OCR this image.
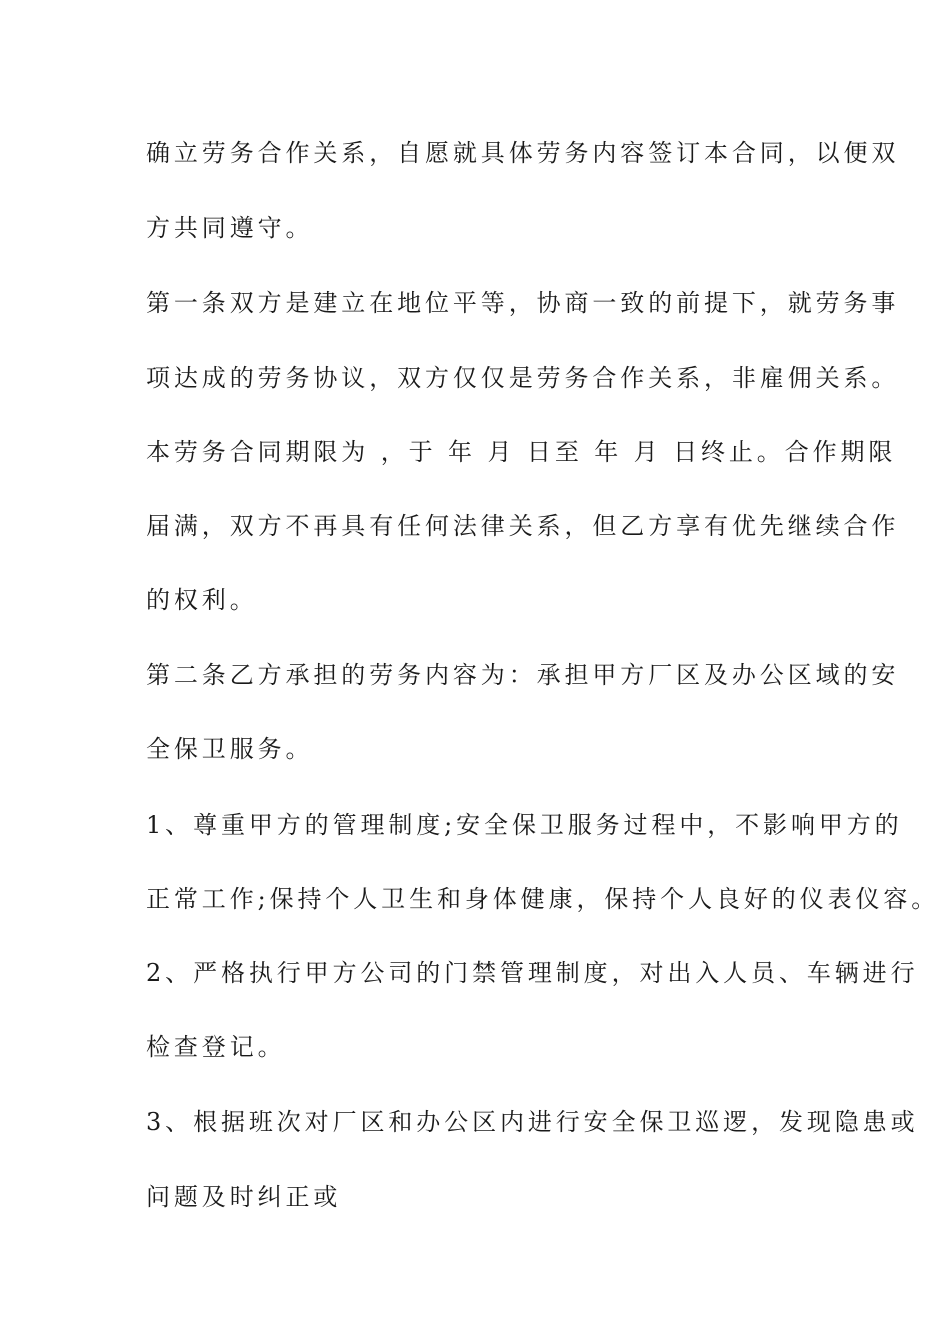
确立劳务合作关系，自愿就具体劳务内容签订本合同，以便双
方共同遵守。
第一条双方是建立在地位平等，协商一致的前提下，就劳务事
项达成的劳务协议，双方仅仅是劳务合作关系，非雇佣关系。
本劳务合同期限为 ，于 年 月 日至 年 月 日终止。合作期限
届满，双方不再具有任何法律关系，但乙方享有优先继续合作
的权利。
第二条乙方承担的劳务内容为：承担甲方厂区及办公区域的安
全保卫服务。
1、尊重甲方的管理制度;安全保卫服务过程中，不影响甲方的
正常工作;保持个人卫生和身体健康，保持个人良好的仪表仪容。
2、严格执行甲方公司的门禁管理制度，对出入人员、车辆进行
检查登记。
3、根据班次对厂区和办公区内进行安全保卫巡逻，发现隐患或
问题及时纠正或
